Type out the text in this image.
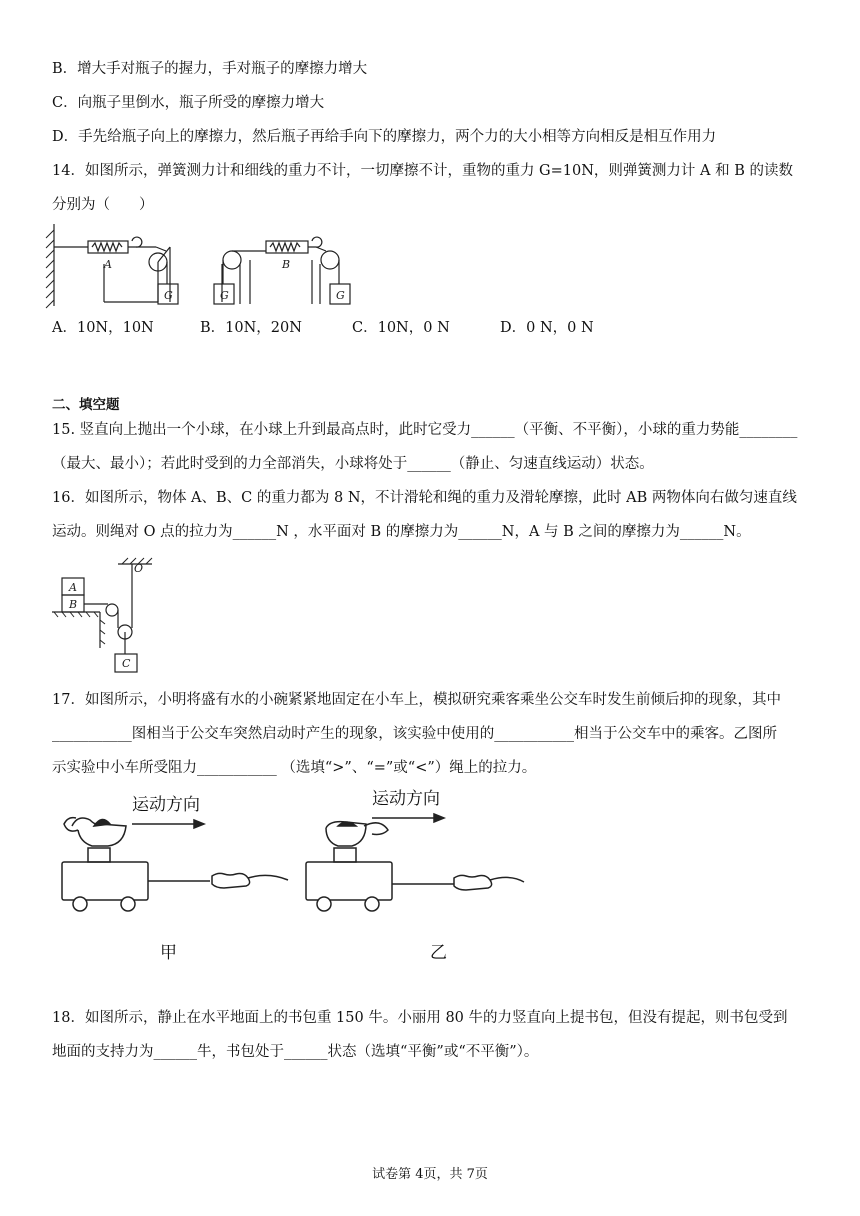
B．增大手对瓶子的握力，手对瓶子的摩擦力增大
C．向瓶子里倒水，瓶子所受的摩擦力增大
D．手先给瓶子向上的摩擦力，然后瓶子再给手向下的摩擦力，两个力的大小相等方向相反是相互作用力
14．如图所示，弹簧测力计和细线的重力不计，一切摩擦不计，重物的重力 G=10N，则弹簧测力计 A 和 B 的读数
分别为（　　）
A	B
G	G	G
A．10N，10N	B．10N，20N	C．10N，0 N	D．0 N，0 N
二、填空题
15. 竖直向上抛出一个小球，在小球上升到最高点时，此时它受力______（平衡、不平衡），小球的重力势能________
（最大、最小）；若此时受到的力全部消失，小球将处于______（静止、匀速直线运动）状态。
16．如图所示，物体 A、B、C 的重力都为 8 N，不计滑轮和绳的重力及滑轮摩擦，此时 AB 两物体向右做匀速直线
运动。则绳对 O 点的拉力为______N ，水平面对 B 的摩擦力为______N，A 与 B 之间的摩擦力为______N。
A
B
C
O
17．如图所示，小明将盛有水的小碗紧紧地固定在小车上，模拟研究乘客乘坐公交车时发生前倾后抑的现象，其中
___________图相当于公交车突然启动时产生的现象，该实验中使用的___________相当于公交车中的乘客。乙图所
示实验中小车所受阻力___________ （选填“>”、“=”或“<”）绳上的拉力。
运动方向	运动方向
甲	乙
18．如图所示，静止在水平地面上的书包重 150 牛。小丽用 80 牛的力竖直向上提书包，但没有提起，则书包受到
地面的支持力为______牛，书包处于______状态（选填“平衡”或“不平衡”）。
试卷第 4页，共 7页
